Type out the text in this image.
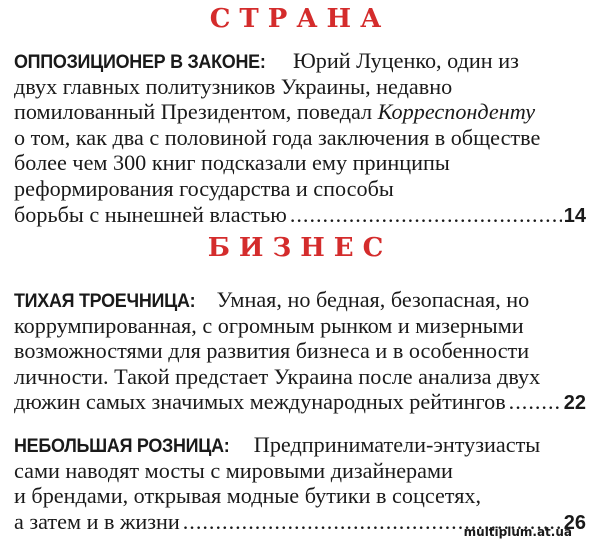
СТРАНА
ОППОЗИЦИОНЕР В ЗАКОНЕ: Юрий Луценко, один из
двух главных политузников Украины, недавно
помилованный Президентом, поведал Корреспонденту
о том, как два с половиной года заключения в обществе
более чем 300 книг подсказали ему принципы
реформирования государства и способы
борьбы с нынешней властью .....	14
БИЗНЕС
ТИХАЯ ТРОЕЧНИЦА: Умная, но бедная, безопасная, но
коррумпированная, с огромным рынком и мизерными
возможностями для развития бизнеса и в особенности
личности. Такой предстает Украина после анализа двух
дюжин самых значимых международных рейтингов .....	22
НЕБОЛЬШАЯ РОЗНИЦА: Предприниматели-энтузиасты
сами наводят мосты с мировыми дизайнерами
и брендами, открывая модные бутики в соцсетях,
а затем и в жизни .....	26
multiplum.at.ua
